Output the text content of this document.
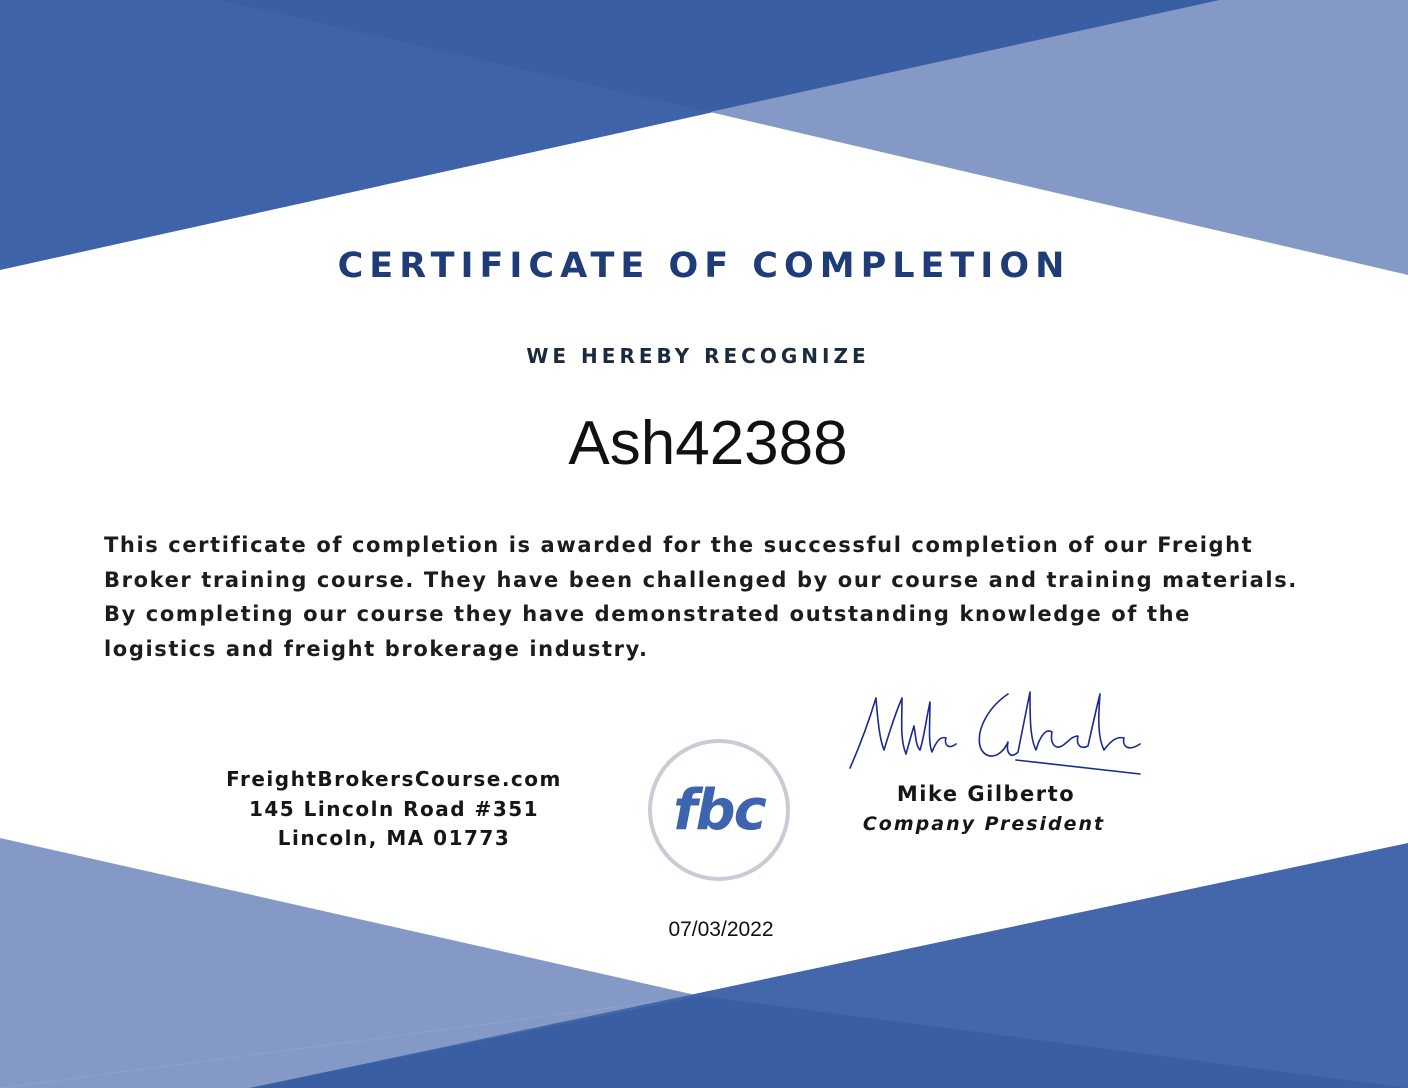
CERTIFICATE OF COMPLETION
WE HEREBY RECOGNIZE
Ash42388

This certificate of completion is awarded for the successful completion of our Freight Broker training course. They have been challenged by our course and training materials. By completing our course they have demonstrated outstanding knowledge of the logistics and freight brokerage industry.

FreightBrokersCourse.com
145 Lincoln Road #351
Lincoln, MA 01773	fbc	Mike Gilberto
Company President
07/03/2022
